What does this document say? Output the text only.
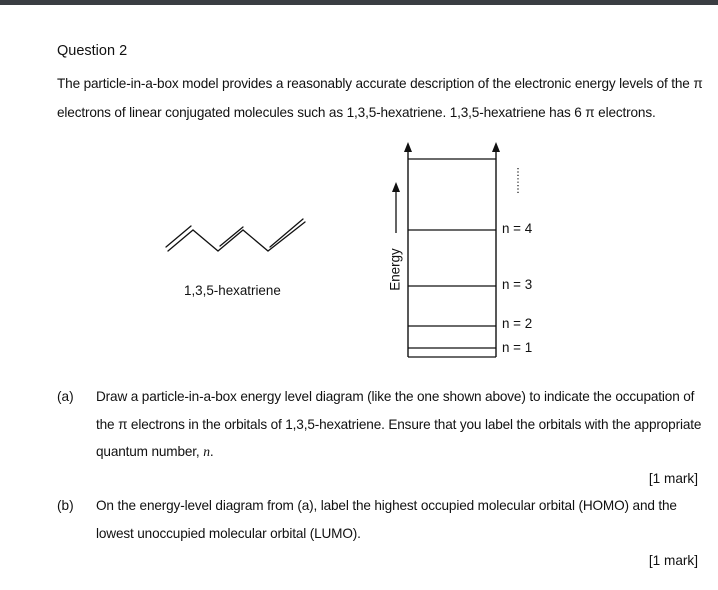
Question 2
The particle-in-a-box model provides a reasonably accurate description of the electronic energy levels of the π electrons of linear conjugated molecules such as 1,3,5-hexatriene. 1,3,5-hexatriene has 6 π electrons.
1,3,5-hexatriene	Energy
n = 4
n = 3
n = 2
n = 1
(a) Draw a particle-in-a-box energy level diagram (like the one shown above) to indicate the occupation of the π electrons in the orbitals of 1,3,5-hexatriene. Ensure that you label the orbitals with the appropriate quantum number, n.
[1 mark]
(b) On the energy-level diagram from (a), label the highest occupied molecular orbital (HOMO) and the lowest unoccupied molecular orbital (LUMO).
[1 mark]
